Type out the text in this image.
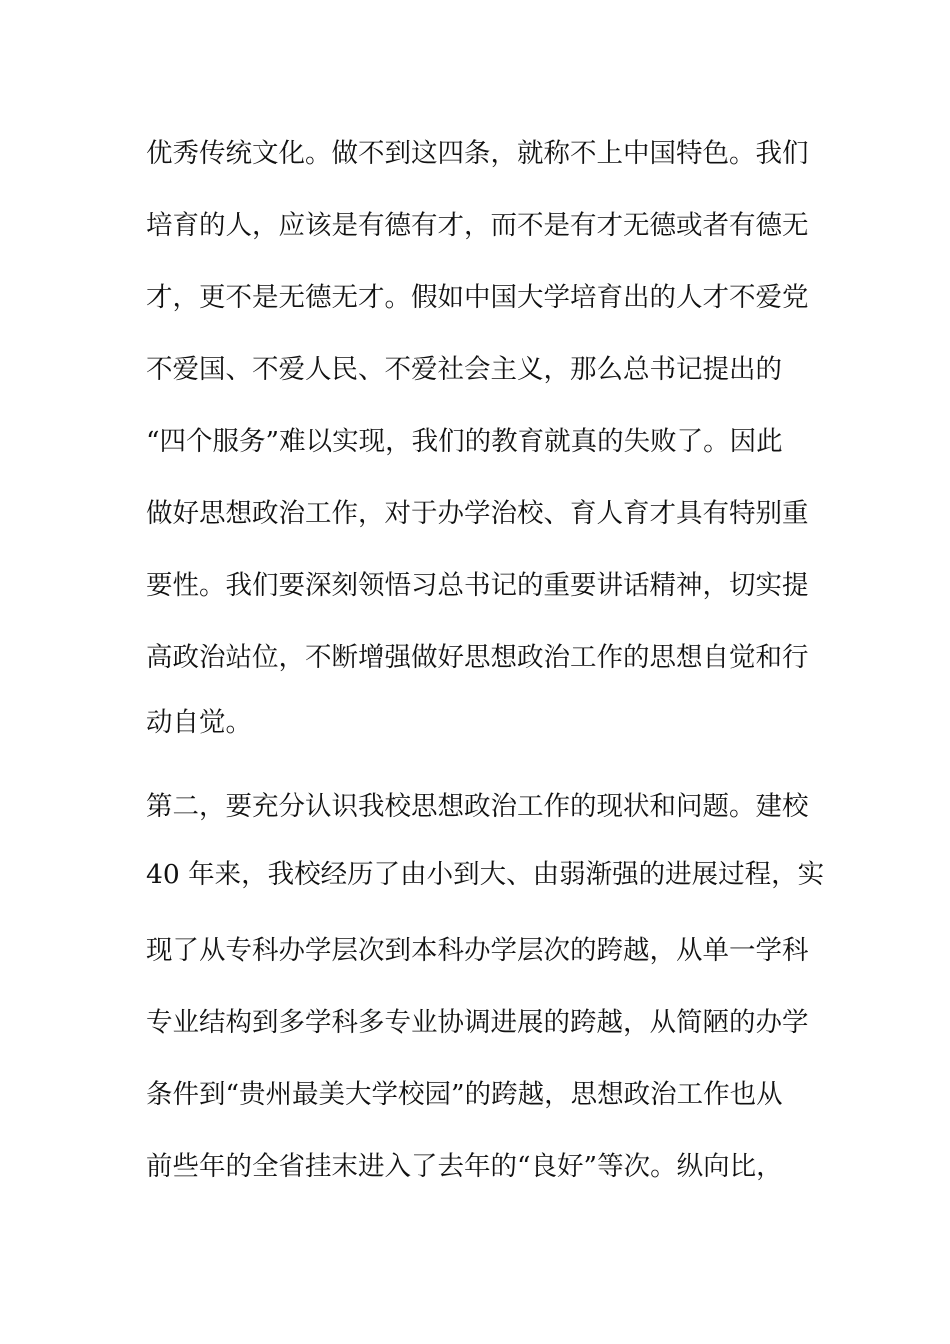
优秀传统文化。做不到这四条，就称不上中国特色。我们
培育的人，应该是有德有才，而不是有才无德或者有德无
才，更不是无德无才。假如中国大学培育出的人才不爱党
不爱国、不爱人民、不爱社会主义，那么总书记提出的
“四个服务”难以实现，我们的教育就真的失败了。因此
做好思想政治工作，对于办学治校、育人育才具有特别重
要性。我们要深刻领悟习总书记的重要讲话精神，切实提
高政治站位，不断增强做好思想政治工作的思想自觉和行
动自觉。
第二，要充分认识我校思想政治工作的现状和问题。建校
40 年来，我校经历了由小到大、由弱渐强的进展过程，实
现了从专科办学层次到本科办学层次的跨越，从单一学科
专业结构到多学科多专业协调进展的跨越，从简陋的办学
条件到“贵州最美大学校园”的跨越，思想政治工作也从
前些年的全省挂末进入了去年的“良好”等次。纵向比，
